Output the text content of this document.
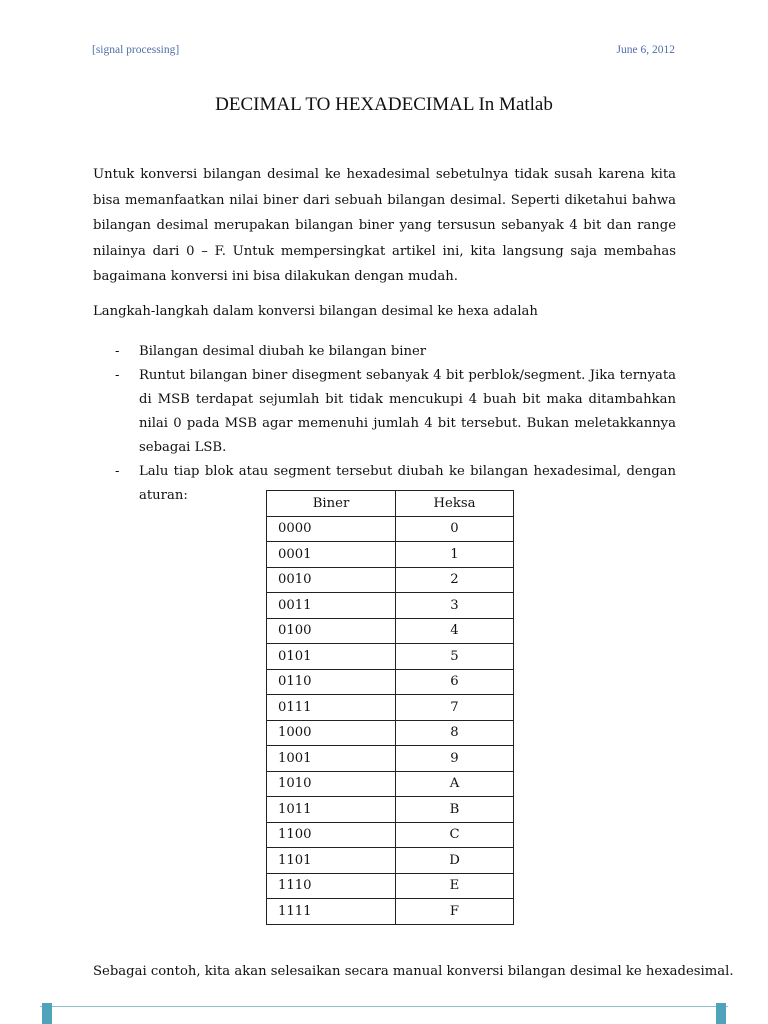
[signal processing]	June 6, 2012
DECIMAL TO HEXADECIMAL In Matlab

Untuk konversi bilangan desimal ke hexadesimal sebetulnya tidak susah karena kita bisa memanfaatkan nilai biner dari sebuah bilangan desimal. Seperti diketahui bahwa bilangan desimal merupakan bilangan biner yang tersusun sebanyak 4 bit dan range nilainya dari 0 – F. Untuk mempersingkat artikel ini, kita langsung saja membahas bagaimana konversi ini bisa dilakukan dengan mudah.

Langkah-langkah dalam konversi bilangan desimal ke hexa adalah

- Bilangan desimal diubah ke bilangan biner
- Runtut bilangan biner disegment sebanyak 4 bit perblok/segment. Jika ternyata di MSB terdapat sejumlah bit tidak mencukupi 4 buah bit maka ditambahkan nilai 0 pada MSB agar memenuhi jumlah 4 bit tersebut. Bukan meletakkannya sebagai LSB.
- Lalu tiap blok atau segment tersebut diubah ke bilangan hexadesimal, dengan aturan:
Biner	Heksa
0000	0
0001	1
0010	2
0011	3
0100	4
0101	5
0110	6
0111	7
1000	8
1001	9
1010	A
1011	B
1100	C
1101	D
1110	E
1111	F
Sebagai contoh, kita akan selesaikan secara manual konversi bilangan desimal ke hexadesimal.
